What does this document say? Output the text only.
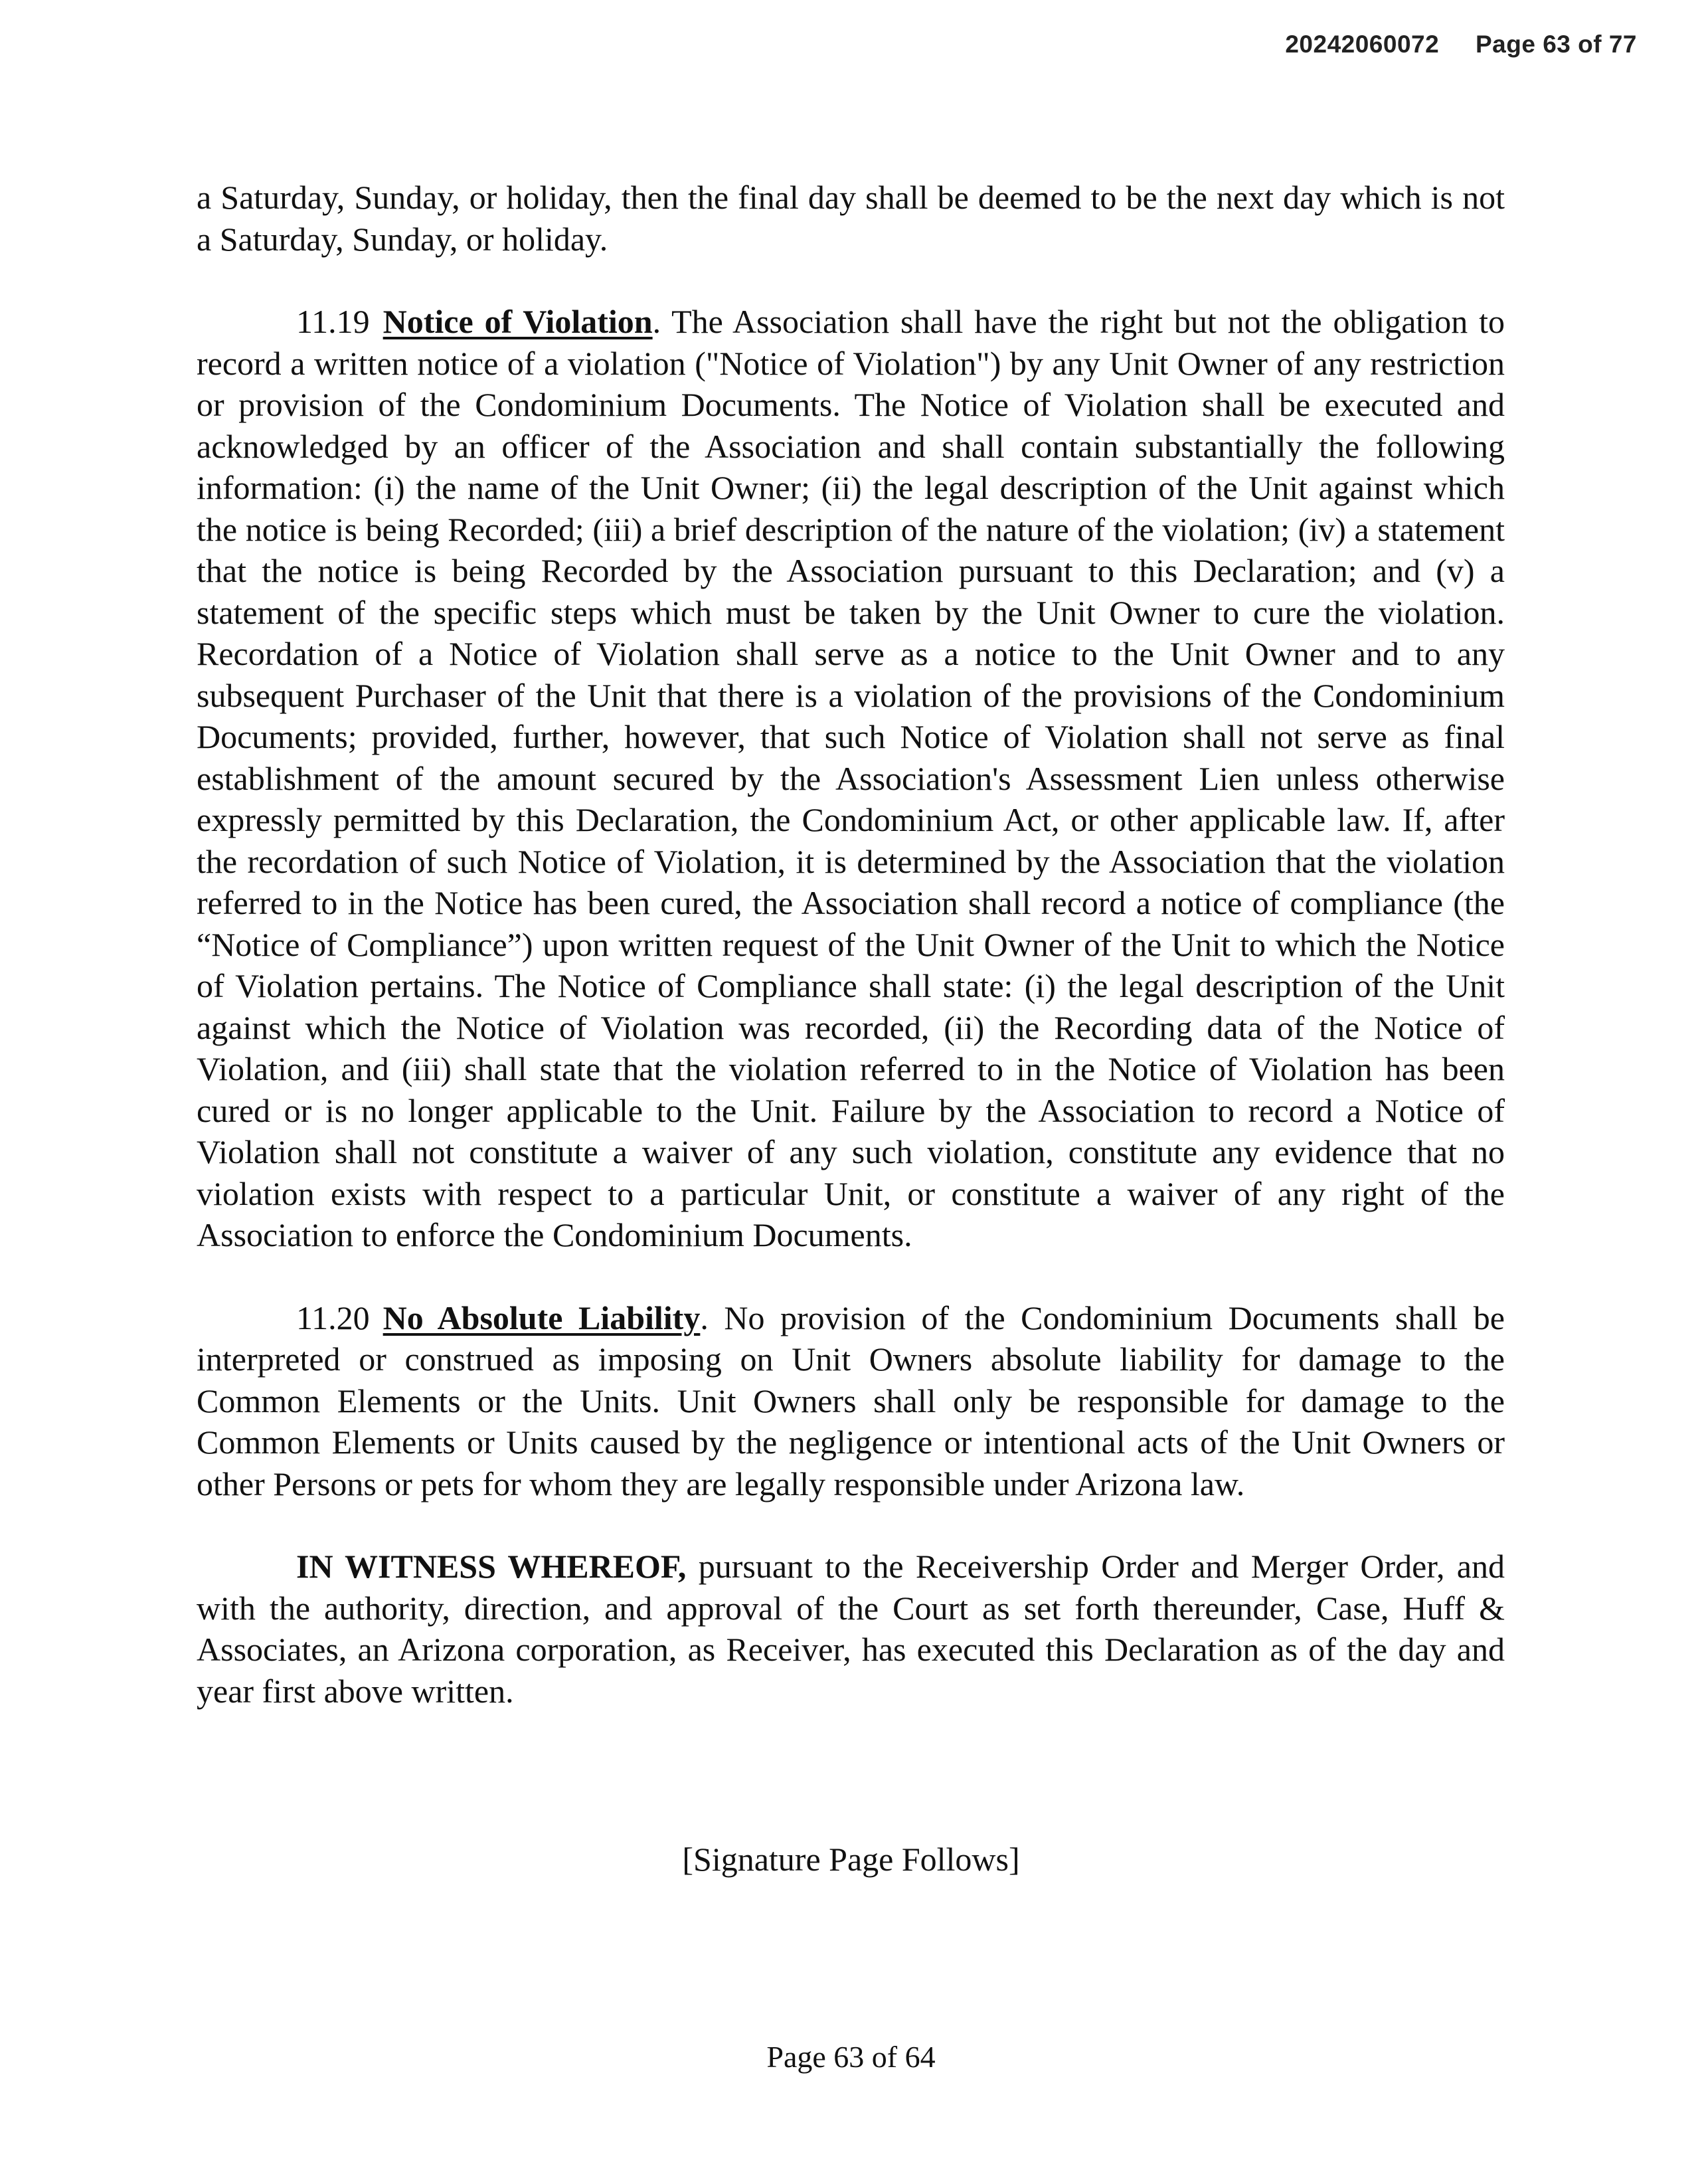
20242060072 Page 63 of 77

a Saturday, Sunday, or holiday, then the final day shall be deemed to be the next day which is not a Saturday, Sunday, or holiday.

11.19 Notice of Violation. The Association shall have the right but not the obligation to record a written notice of a violation ("Notice of Violation") by any Unit Owner of any restriction or provision of the Condominium Documents. The Notice of Violation shall be executed and acknowledged by an officer of the Association and shall contain substantially the following information: (i) the name of the Unit Owner; (ii) the legal description of the Unit against which the notice is being Recorded; (iii) a brief description of the nature of the violation; (iv) a statement that the notice is being Recorded by the Association pursuant to this Declaration; and (v) a statement of the specific steps which must be taken by the Unit Owner to cure the violation. Recordation of a Notice of Violation shall serve as a notice to the Unit Owner and to any subsequent Purchaser of the Unit that there is a violation of the provisions of the Condominium Documents; provided, further, however, that such Notice of Violation shall not serve as final establishment of the amount secured by the Association's Assessment Lien unless otherwise expressly permitted by this Declaration, the Condominium Act, or other applicable law. If, after the recordation of such Notice of Violation, it is determined by the Association that the violation referred to in the Notice has been cured, the Association shall record a notice of compliance (the “Notice of Compliance”) upon written request of the Unit Owner of the Unit to which the Notice of Violation pertains. The Notice of Compliance shall state: (i) the legal description of the Unit against which the Notice of Violation was recorded, (ii) the Recording data of the Notice of Violation, and (iii) shall state that the violation referred to in the Notice of Violation has been cured or is no longer applicable to the Unit. Failure by the Association to record a Notice of Violation shall not constitute a waiver of any such violation, constitute any evidence that no violation exists with respect to a particular Unit, or constitute a waiver of any right of the Association to enforce the Condominium Documents.

11.20 No Absolute Liability. No provision of the Condominium Documents shall be interpreted or construed as imposing on Unit Owners absolute liability for damage to the Common Elements or the Units. Unit Owners shall only be responsible for damage to the Common Elements or Units caused by the negligence or intentional acts of the Unit Owners or other Persons or pets for whom they are legally responsible under Arizona law.

IN WITNESS WHEREOF, pursuant to the Receivership Order and Merger Order, and with the authority, direction, and approval of the Court as set forth thereunder, Case, Huff & Associates, an Arizona corporation, as Receiver, has executed this Declaration as of the day and year first above written.

[Signature Page Follows]
Page 63 of 64
